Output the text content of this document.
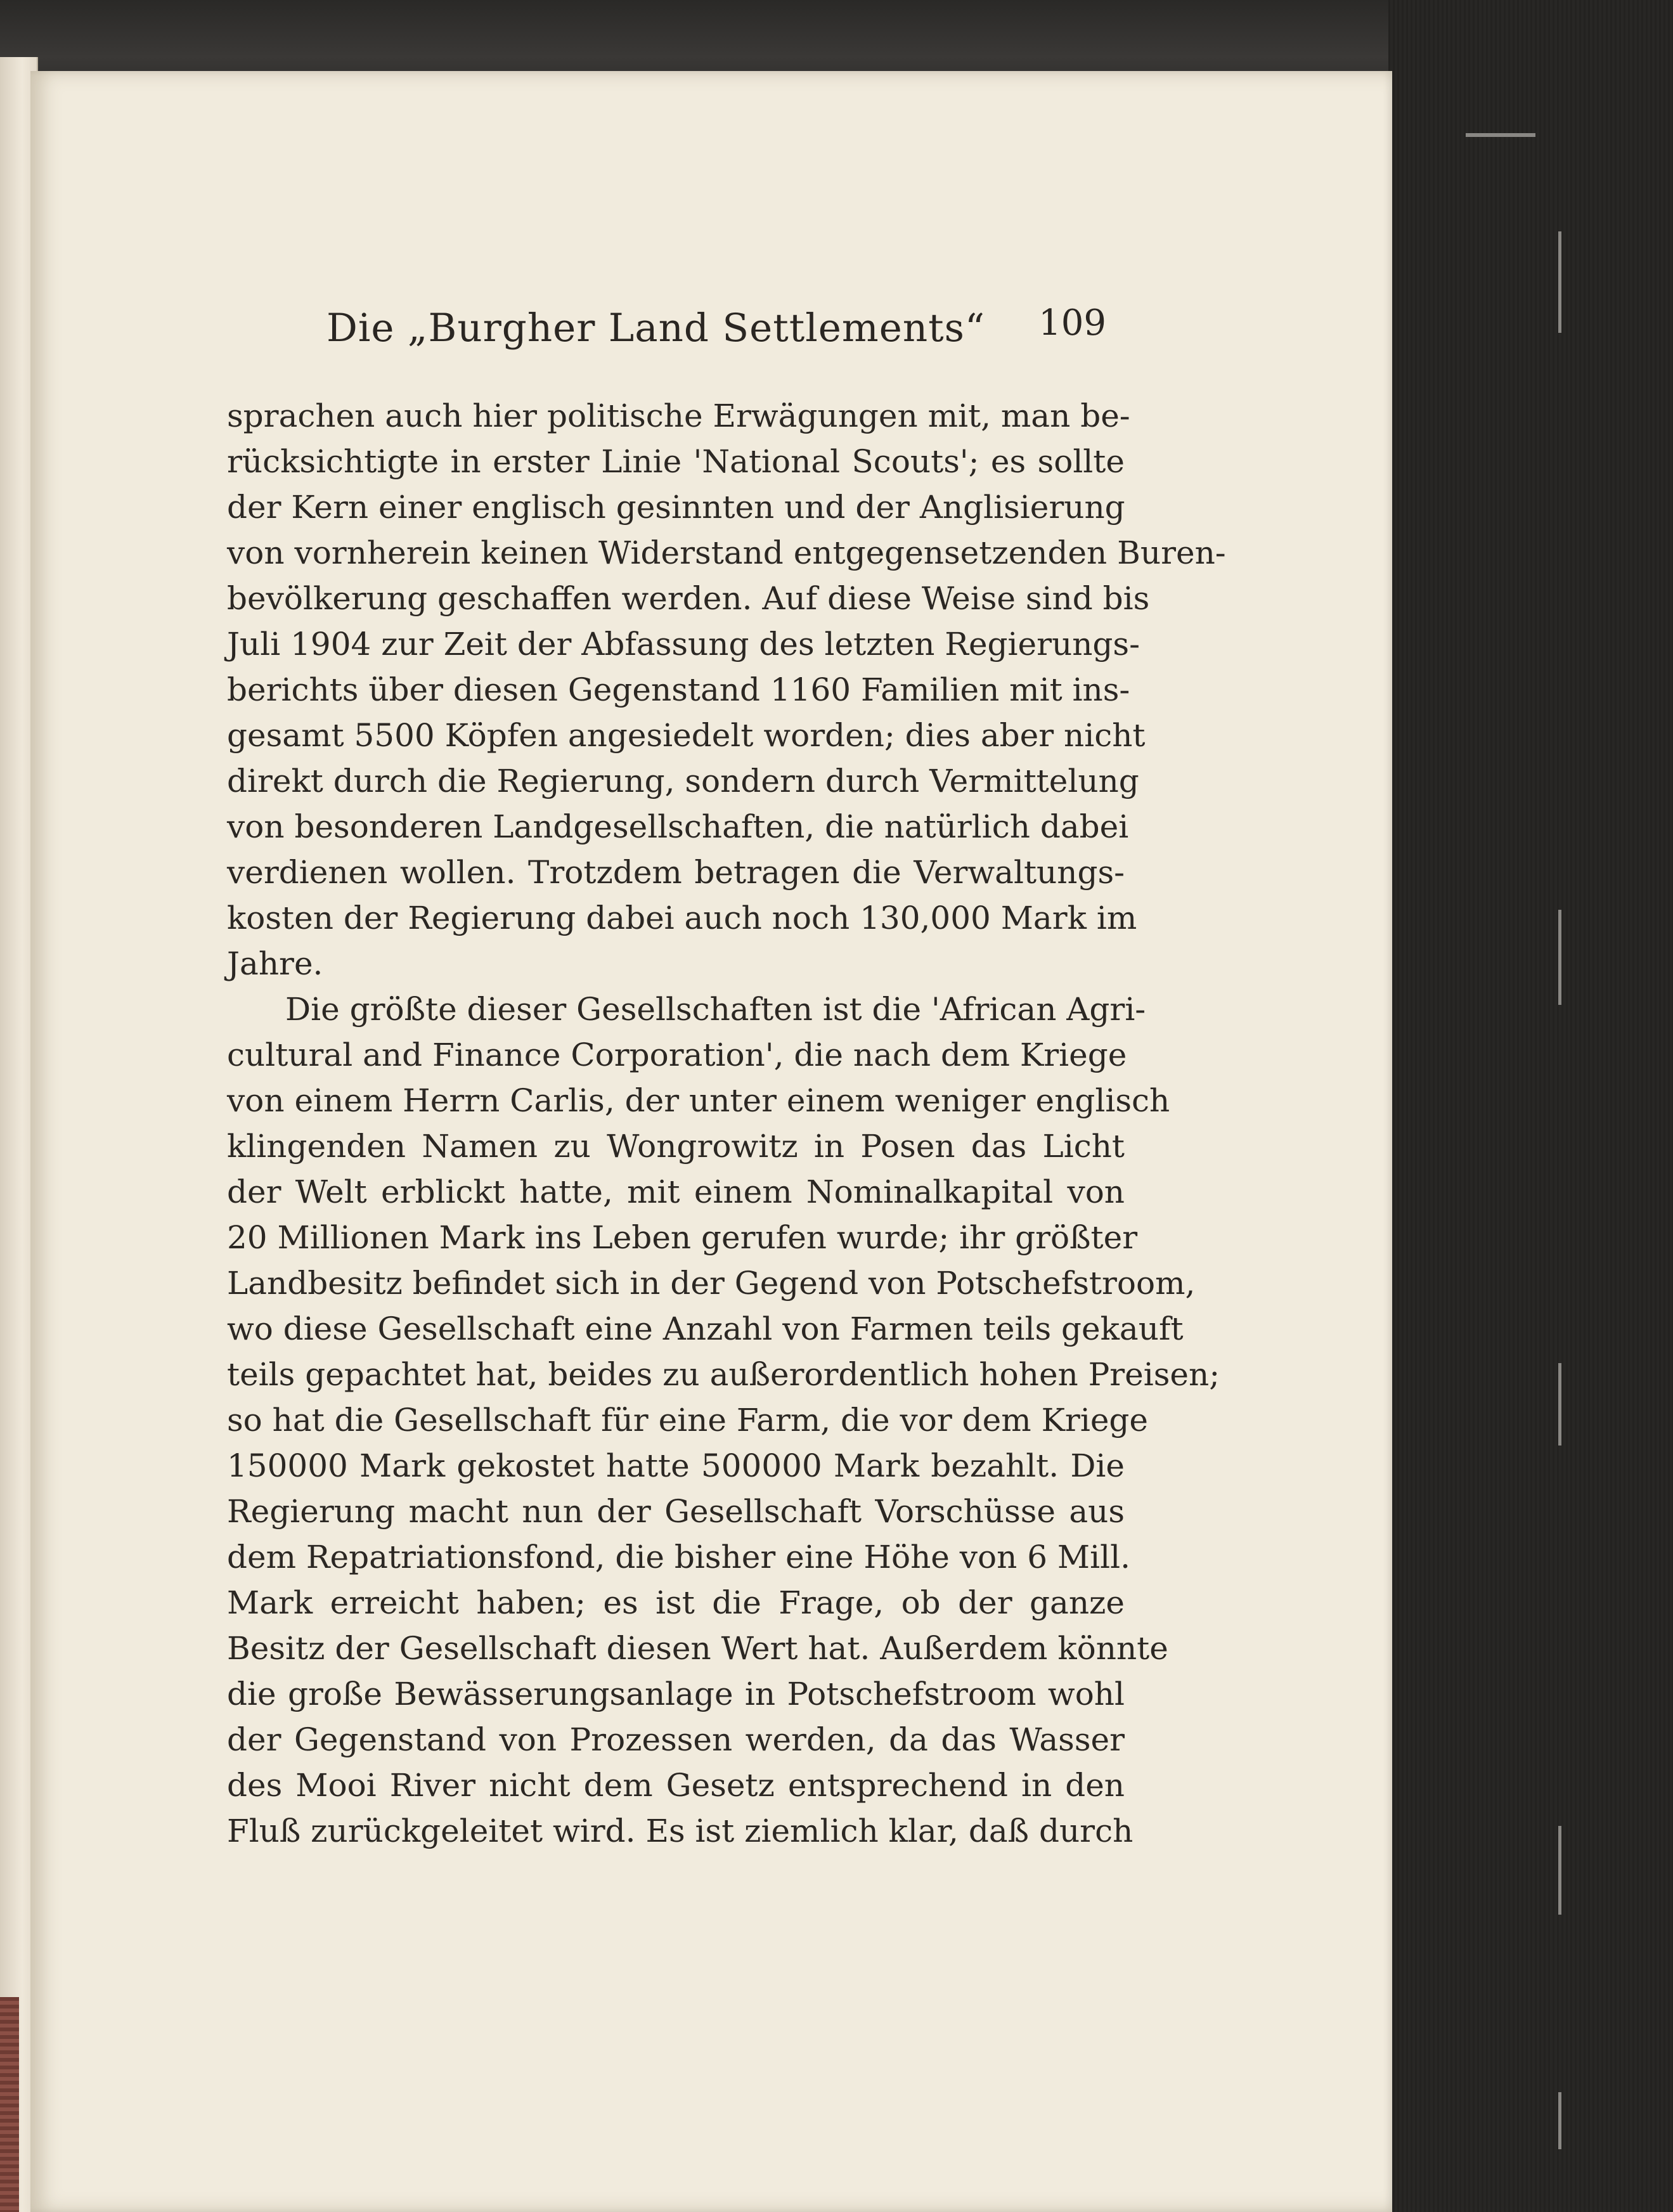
Die „Burgher Land Settlements“ 109
sprachen auch hier politische Erwägungen mit, man be-
rücksichtigte in erster Linie 'National Scouts'; es sollte
der Kern einer englisch gesinnten und der Anglisierung
von vornherein keinen Widerstand entgegensetzenden Buren-
bevölkerung geschaffen werden. Auf diese Weise sind bis
Juli 1904 zur Zeit der Abfassung des letzten Regierungs-
berichts über diesen Gegenstand 1160 Familien mit ins-
gesamt 5500 Köpfen angesiedelt worden; dies aber nicht
direkt durch die Regierung, sondern durch Vermittelung
von besonderen Landgesellschaften, die natürlich dabei
verdienen wollen. Trotzdem betragen die Verwaltungs-
kosten der Regierung dabei auch noch 130,000 Mark im
Jahre.
Die größte dieser Gesellschaften ist die 'African Agri-
cultural and Finance Corporation', die nach dem Kriege
von einem Herrn Carlis, der unter einem weniger englisch
klingenden Namen zu Wongrowitz in Posen das Licht
der Welt erblickt hatte, mit einem Nominalkapital von
20 Millionen Mark ins Leben gerufen wurde; ihr größter
Landbesitz befindet sich in der Gegend von Potschefstroom,
wo diese Gesellschaft eine Anzahl von Farmen teils gekauft
teils gepachtet hat, beides zu außerordentlich hohen Preisen;
so hat die Gesellschaft für eine Farm, die vor dem Kriege
150000 Mark gekostet hatte 500000 Mark bezahlt. Die
Regierung macht nun der Gesellschaft Vorschüsse aus
dem Repatriationsfond, die bisher eine Höhe von 6 Mill.
Mark erreicht haben; es ist die Frage, ob der ganze
Besitz der Gesellschaft diesen Wert hat. Außerdem könnte
die große Bewässerungsanlage in Potschefstroom wohl
der Gegenstand von Prozessen werden, da das Wasser
des Mooi River nicht dem Gesetz entsprechend in den
Fluß zurückgeleitet wird. Es ist ziemlich klar, daß durch
